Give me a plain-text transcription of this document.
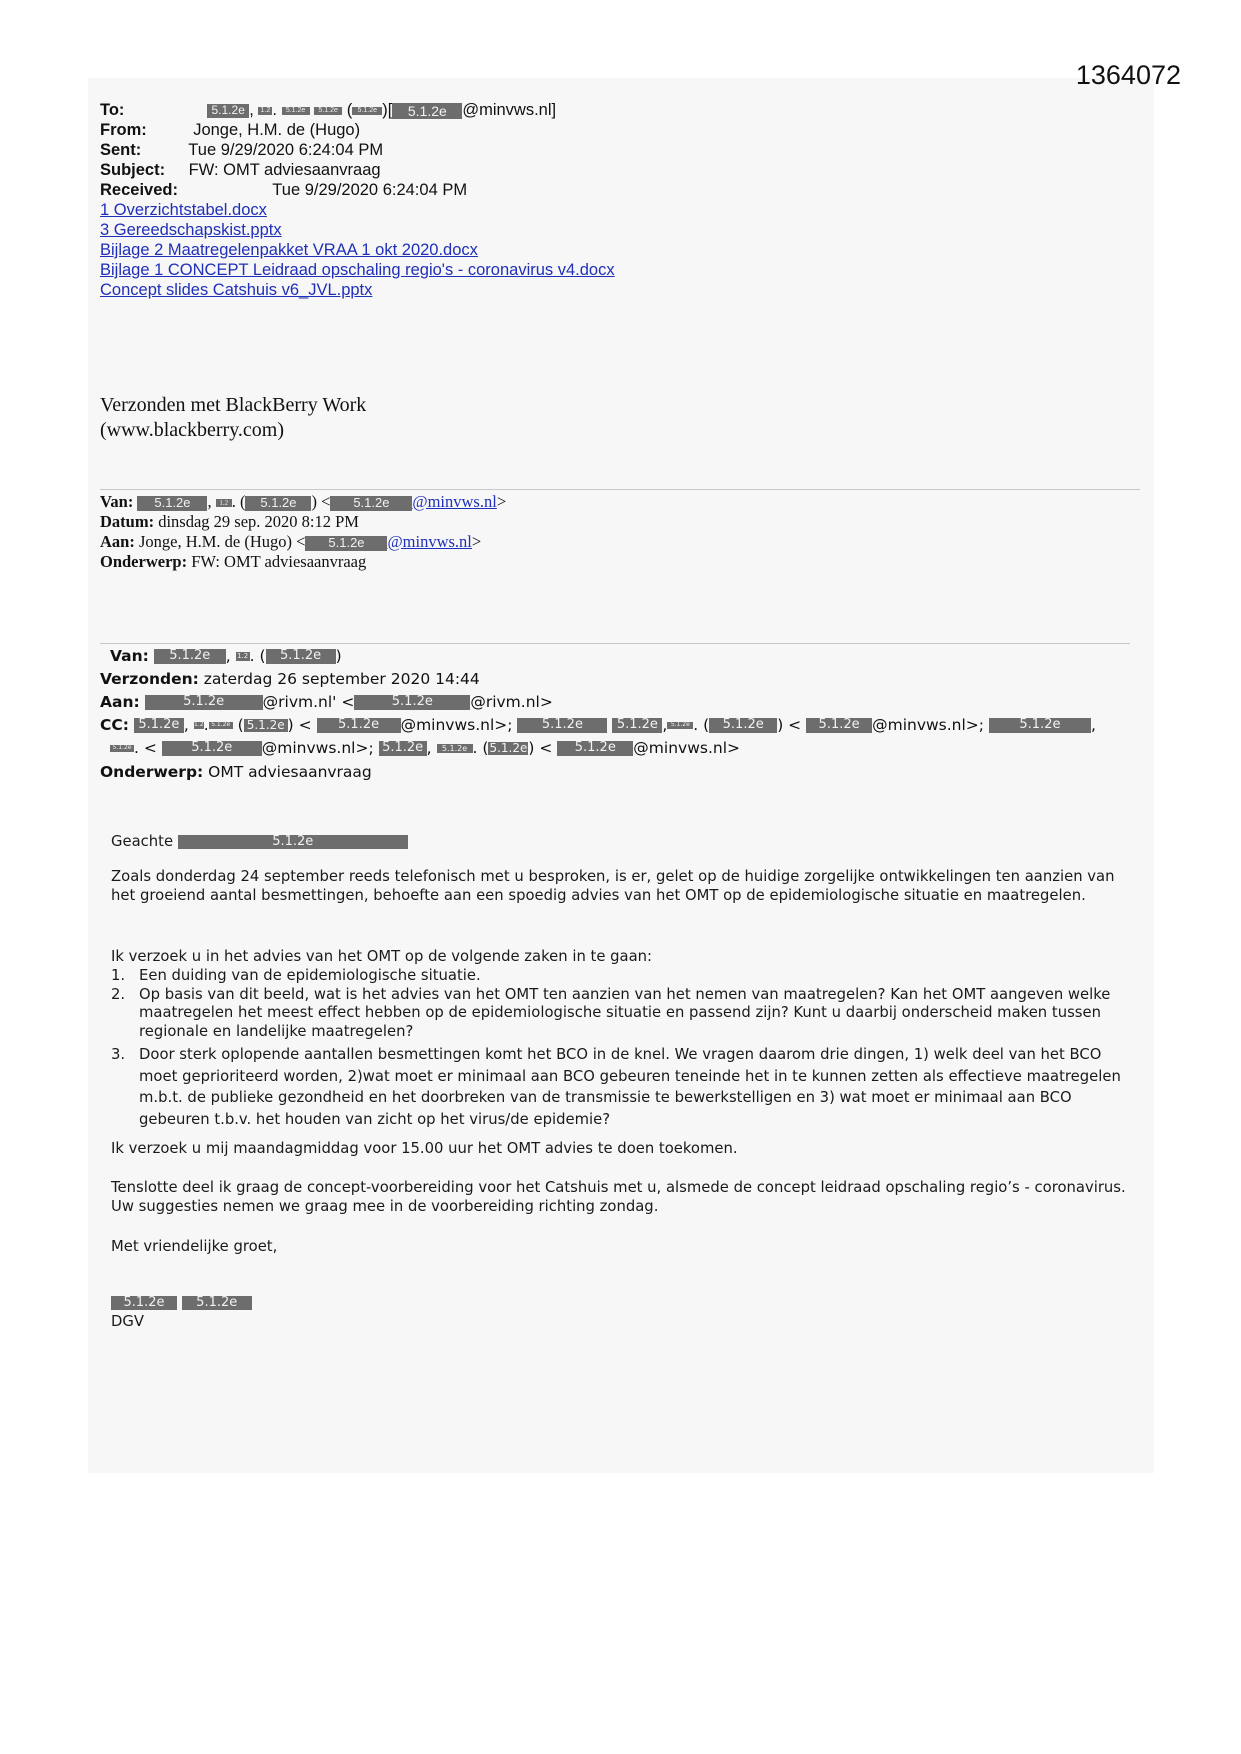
1364072
To:	5.1.2e , 1.2 . 5.1.2e 5.1.2e ( 5.1.2e )[ 5.1.2e @minvws.nl]
From:	Jonge, H.M. de (Hugo)
Sent:	Tue 9/29/2020 6:24:04 PM
Subject: FW: OMT adviesaanvraag
Received:	Tue 9/29/2020 6:24:04 PM
1 Overzichtstabel.docx
3 Gereedschapskist.pptx
Bijlage 2 Maatregelenpakket VRAA 1 okt 2020.docx
Bijlage 1 CONCEPT Leidraad opschaling regio's - coronavirus v4.docx
Concept slides Catshuis v6_JVL.pptx
Verzonden met BlackBerry Work
(www.blackberry.com)
Van: 5.1.2e , 1.2 . ( 5.1.2e ) < 5.1.2e @minvws.nl>
Datum: dinsdag 29 sep. 2020 8:12 PM
Aan: Jonge, H.M. de (Hugo) < 5.1.2e @minvws.nl>
Onderwerp: FW: OMT adviesaanvraag
Van: 5.1.2e , 1.2. ( 5.1.2e )
Verzonden: zaterdag 26 september 2020 14:44
Aan:	5.1.2e @rivm.nl' <	5.1.2e @rivm.nl>
CC: 5.1.2e , 1.2. 5.1.2e ( 5.1.2e ) < 5.1.2e @minvws.nl>; 5.1.2e	5.1.2e , 5.1.2e . ( 5.1.2e ) < 5.1.2e @minvws.nl>;	5.1.2e ,
5.1.2e . < 5.1.2e @minvws.nl>; 5.1.2e , 5.1.2e . (5.1.2e) < 5.1.2e @minvws.nl>
Onderwerp: OMT adviesaanvraag
Geachte	5.1.2e
Zoals donderdag 24 september reeds telefonisch met u besproken, is er, gelet op de huidige zorgelijke ontwikkelingen ten aanzien van het groeiend aantal besmettingen, behoefte aan een spoedig advies van het OMT op de epidemiologische situatie en maatregelen.
Ik verzoek u in het advies van het OMT op de volgende zaken in te gaan:
1. Een duiding van de epidemiologische situatie.
2. Op basis van dit beeld, wat is het advies van het OMT ten aanzien van het nemen van maatregelen? Kan het OMT aangeven welke maatregelen het meest effect hebben op de epidemiologische situatie en passend zijn? Kunt u daarbij onderscheid maken tussen regionale en landelijke maatregelen?
3. Door sterk oplopende aantallen besmettingen komt het BCO in de knel. We vragen daarom drie dingen, 1) welk deel van het BCO moet geprioriteerd worden, 2)wat moet er minimaal aan BCO gebeuren teneinde het in te kunnen zetten als effectieve maatregelen m.b.t. de publieke gezondheid en het doorbreken van de transmissie te bewerkstelligen en 3) wat moet er minimaal aan BCO gebeuren t.b.v. het houden van zicht op het virus/de epidemie?
Ik verzoek u mij maandagmiddag voor 15.00 uur het OMT advies te doen toekomen.
Tenslotte deel ik graag de concept-voorbereiding voor het Catshuis met u, alsmede de concept leidraad opschaling regio’s - coronavirus. Uw suggesties nemen we graag mee in de voorbereiding richting zondag.
Met vriendelijke groet,
5.1.2e 5.1.2e
DGV
